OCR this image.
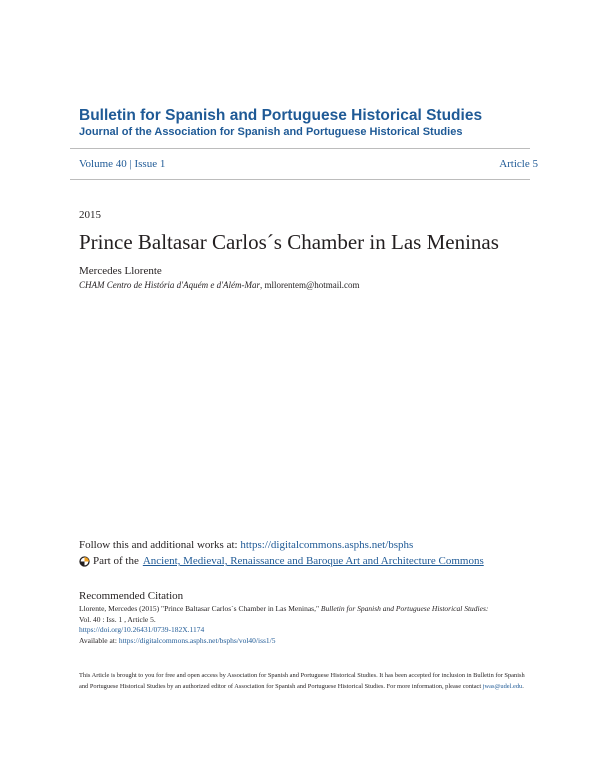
Bulletin for Spanish and Portuguese Historical Studies
Journal of the Association for Spanish and Portuguese Historical Studies
Volume 40 | Issue 1	Article 5
2015
Prince Baltasar Carlos´s Chamber in Las Meninas
Mercedes Llorente
CHAM Centro de História d'Aquém e d'Além-Mar, mllorentem@hotmail.com
Follow this and additional works at: https://digitalcommons.asphs.net/bsphs
Part of the Ancient, Medieval, Renaissance and Baroque Art and Architecture Commons
Recommended Citation
Llorente, Mercedes (2015) "Prince Baltasar Carlos´s Chamber in Las Meninas," Bulletin for Spanish and Portuguese Historical Studies:
Vol. 40 : Iss. 1 , Article 5.
https://doi.org/10.26431/0739-182X.1174
Available at: https://digitalcommons.asphs.net/bsphs/vol40/iss1/5
This Article is brought to you for free and open access by Association for Spanish and Portuguese Historical Studies. It has been accepted for inclusion in Bulletin for Spanish and Portuguese Historical Studies by an authorized editor of Association for Spanish and Portuguese Historical Studies. For more information, please contact jwas@udel.edu.
